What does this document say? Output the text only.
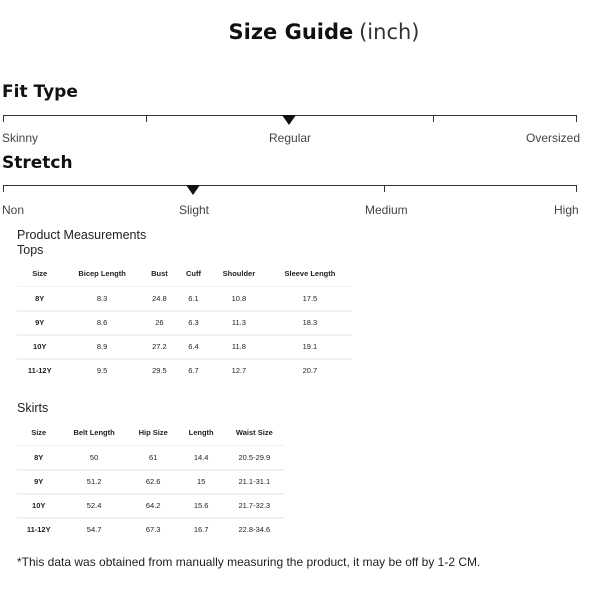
Size Guide (inch)
Fit Type
Skinny	Regular	Oversized
Stretch
Non	Slight	Medium	High
Product Measurements
Tops
Size	Bicep Length	Bust	Cuff	Shoulder	Sleeve Length
8Y	8.3	24.8	6.1	10.8	17.5
9Y	8.6	26	6.3	11.3	18.3
10Y	8.9	27.2	6.4	11.8	19.1
11-12Y	9.5	29.5	6.7	12.7	20.7
Skirts
Size	Belt Length	Hip Size	Length	Waist Size
8Y	50	61	14.4	20.5-29.9
9Y	51.2	62.6	15	21.1-31.1
10Y	52.4	64.2	15.6	21.7-32.3
11-12Y	54.7	67.3	16.7	22.8-34.6
*This data was obtained from manually measuring the product, it may be off by 1-2 CM.
